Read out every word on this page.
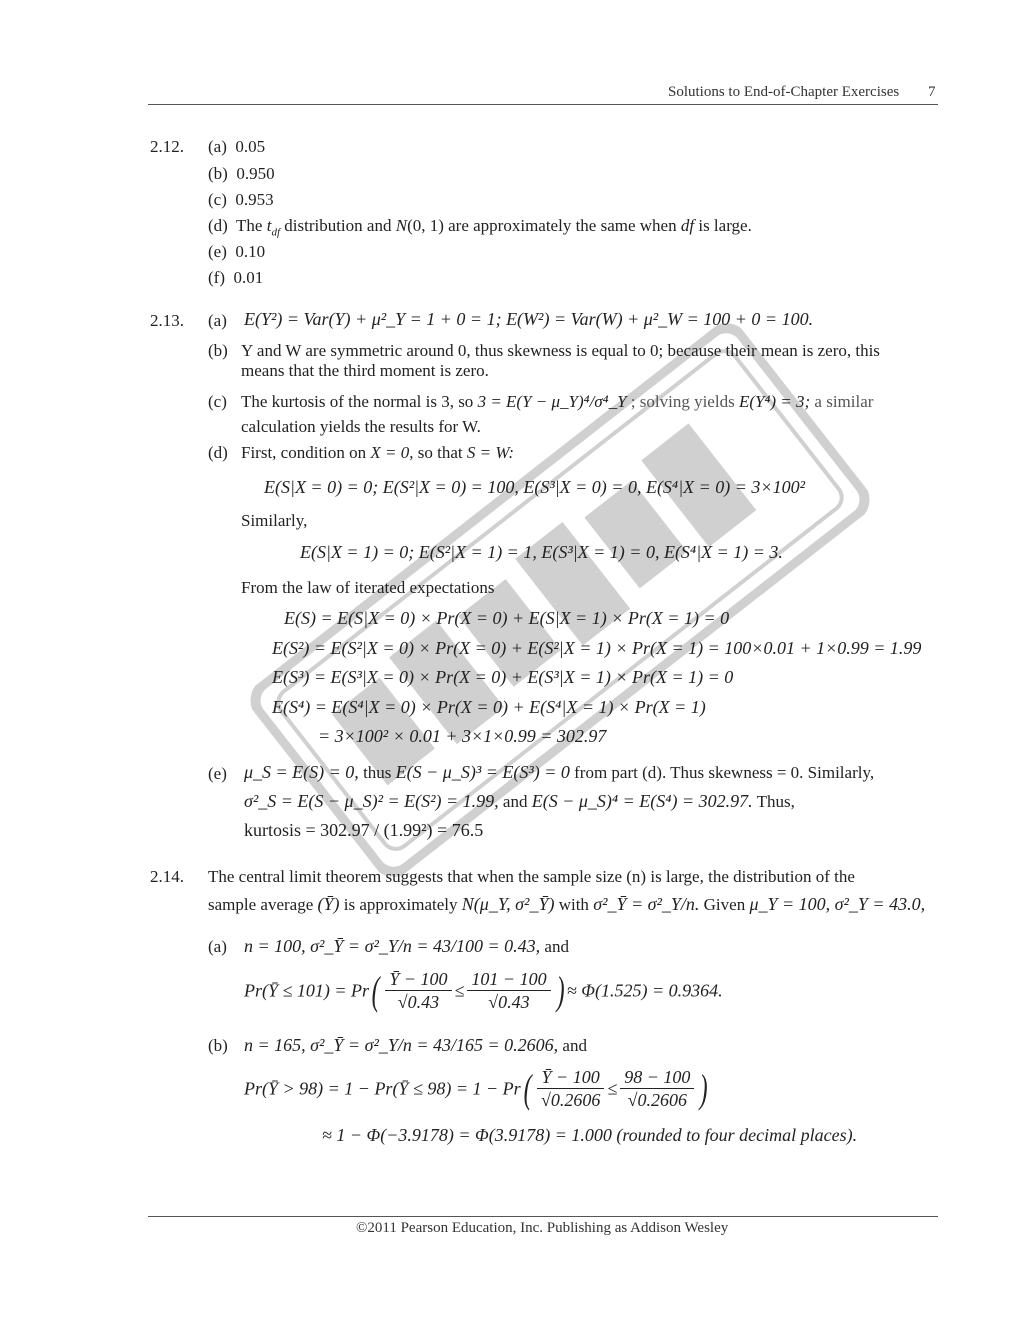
Solutions to End-of-Chapter Exercises 7
2.12. (a) 0.05
(b) 0.950
(c) 0.953
(d) The $t_{df}$ distribution and N(0, 1) are approximately the same when df is large.
(e) 0.10
(f) 0.01
2.13. (a) E(Y²) = Var(Y) + μ²_Y = 1 + 0 = 1; E(W²) = Var(W) + μ²_W = 100 + 0 = 100.
(b) Y and W are symmetric around 0, thus skewness is equal to 0; because their mean is zero, this
means that the third moment is zero.
(c) The kurtosis of the normal is 3, so 3 = E(Y − μ_Y)⁴/σ⁴_Y ; solving yields E(Y⁴) = 3; a similar
calculation yields the results for W.
(d) First, condition on X = 0, so that S = W:
E(S|X = 0) = 0; E(S²|X = 0) = 100, E(S³|X = 0) = 0, E(S⁴|X = 0) = 3×100²
Similarly,
E(S|X = 1) = 0; E(S²|X = 1) = 1, E(S³|X = 1) = 0, E(S⁴|X = 1) = 3.
From the law of iterated expectations
E(S) = E(S|X = 0) × Pr(X = 0) + E(S|X = 1) × Pr(X = 1) = 0
E(S²) = E(S²|X = 0) × Pr(X = 0) + E(S²|X = 1) × Pr(X = 1) = 100×0.01 + 1×0.99 = 1.99
E(S³) = E(S³|X = 0) × Pr(X = 0) + E(S³|X = 1) × Pr(X = 1) = 0
E(S⁴) = E(S⁴|X = 0) × Pr(X = 0) + E(S⁴|X = 1) × Pr(X = 1)
= 3×100² × 0.01 + 3×1×0.99 = 302.97
(e) μ_S = E(S) = 0, thus E(S − μ_S)³ = E(S³) = 0 from part (d). Thus skewness = 0. Similarly,
σ²_S = E(S − μ_S)² = E(S²) = 1.99, and E(S − μ_S)⁴ = E(S⁴) = 302.97. Thus,
kurtosis = 302.97 / (1.99²) = 76.5
2.14. The central limit theorem suggests that when the sample size (n) is large, the distribution of the
sample average (Ȳ) is approximately N(μ_Y, σ²_Ȳ) with σ²_Ȳ = σ²_Y/n. Given μ_Y = 100, σ²_Y = 43.0,
(a) n = 100, σ²_Ȳ = σ²_Y/n = 43/100 = 0.43, and
Pr(Ȳ ≤ $101) = Pr( \frac{Ȳ - 100}{√0.43} \le \frac{101 - 100}{√0.43}$ ) ≈ Φ(1.525) = 0.9364.
(b) n = 165, σ²_Ȳ = σ²_Y/n = 43/165 = 0.2606, and
Pr(Ȳ > 98) = 1 − Pr(Ȳ ≤ $98) = 1 - Pr( \frac{Ȳ - 100}{√0.2606} \le \frac{98 - 100}{√0.2606}$ )
≈ 1 − Φ(−3.9178) = Φ(3.9178) = 1.000 (rounded to four decimal places).
©2011 Pearson Education, Inc. Publishing as Addison Wesley
